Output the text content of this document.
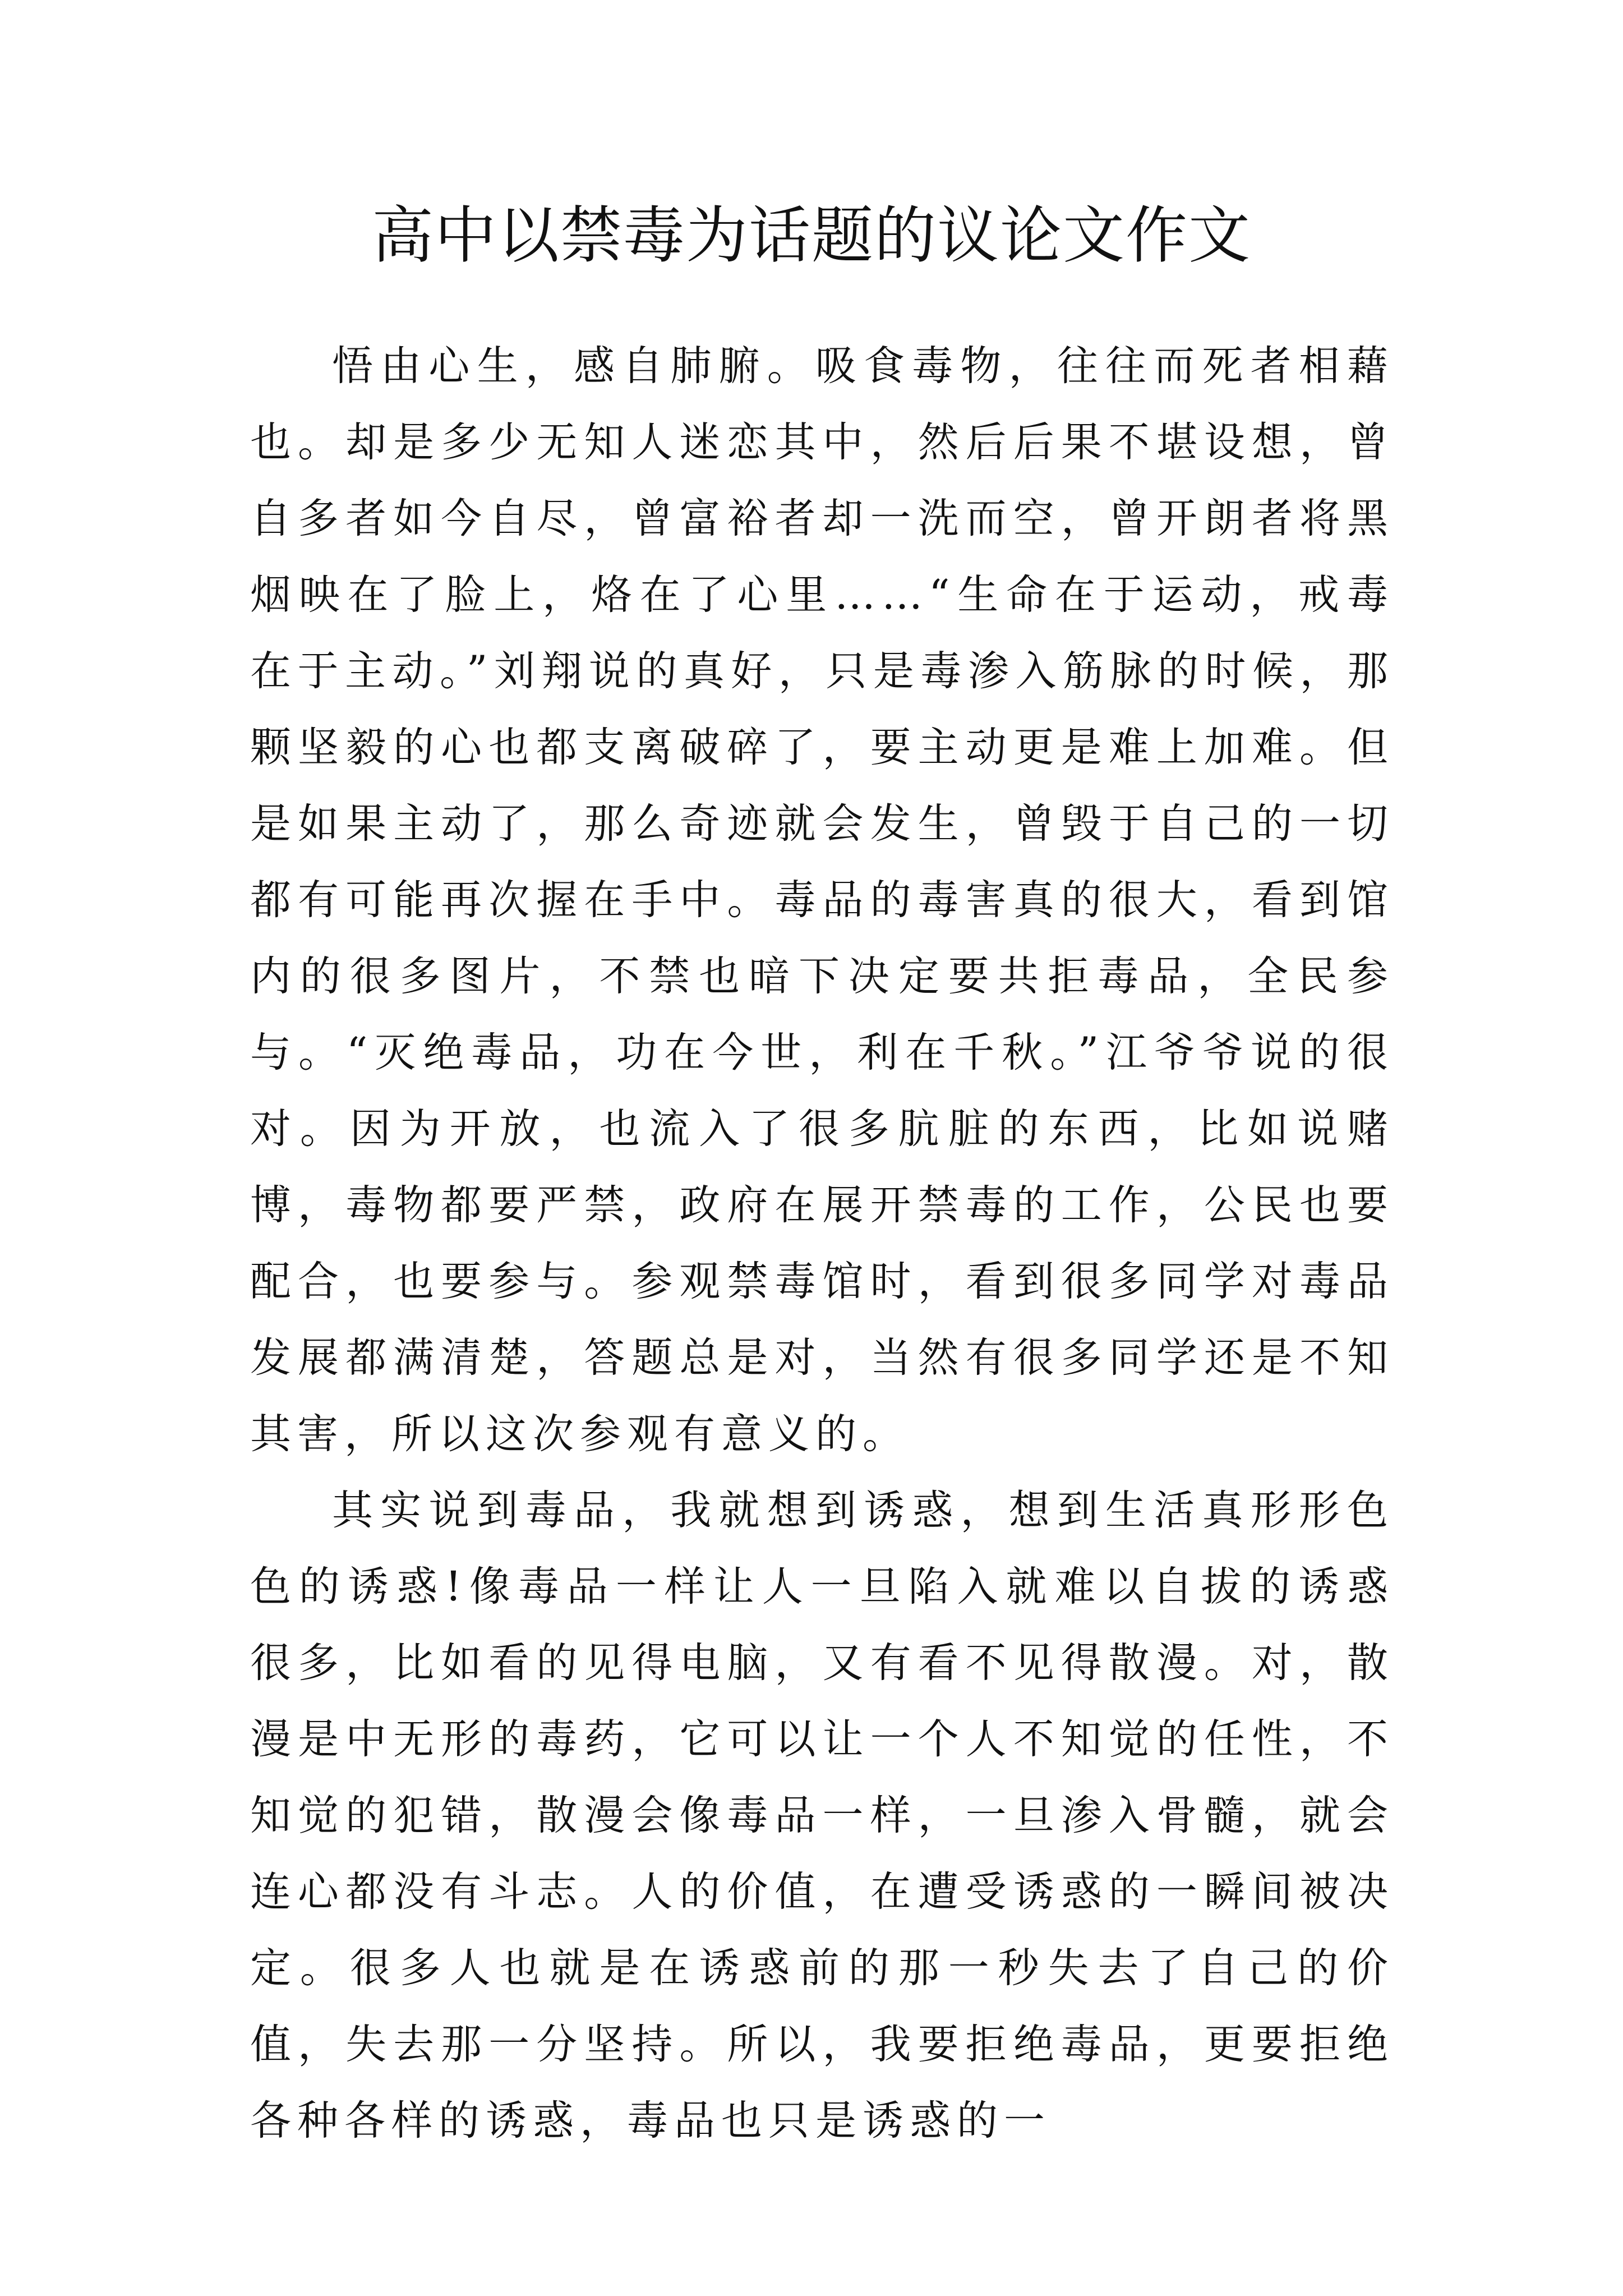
高中以禁毒为话题的议论文作文

悟由心生，感自肺腑。吸食毒物，往往而死者相藉也。却是多少无知人迷恋其中，然后后果不堪设想，曾自多者如今自尽，曾富裕者却一洗而空，曾开朗者将黑烟映在了脸上，烙在了心里……“生命在于运动，戒毒在于主动。”刘翔说的真好，只是毒渗入筋脉的时候，那颗坚毅的心也都支离破碎了，要主动更是难上加难。但是如果主动了，那么奇迹就会发生，曾毁于自己的一切都有可能再次握在手中。毒品的毒害真的很大，看到馆内的很多图片，不禁也暗下决定要共拒毒品，全民参与。“灭绝毒品，功在今世，利在千秋。”江爷爷说的很对。因为开放，也流入了很多肮脏的东西，比如说赌博，毒物都要严禁，政府在展开禁毒的工作，公民也要配合，也要参与。参观禁毒馆时，看到很多同学对毒品发展都满清楚，答题总是对，当然有很多同学还是不知其害，所以这次参观有意义的。

其实说到毒品，我就想到诱惑，想到生活真形形色色的诱惑!像毒品一样让人一旦陷入就难以自拔的诱惑很多，比如看的见得电脑，又有看不见得散漫。对，散漫是中无形的毒药，它可以让一个人不知觉的任性，不知觉的犯错，散漫会像毒品一样，一旦渗入骨髓，就会连心都没有斗志。人的价值，在遭受诱惑的一瞬间被决定。很多人也就是在诱惑前的那一秒失去了自己的价值，失去那一分坚持。所以，我要拒绝毒品，更要拒绝各种各样的诱惑，毒品也只是诱惑的一
